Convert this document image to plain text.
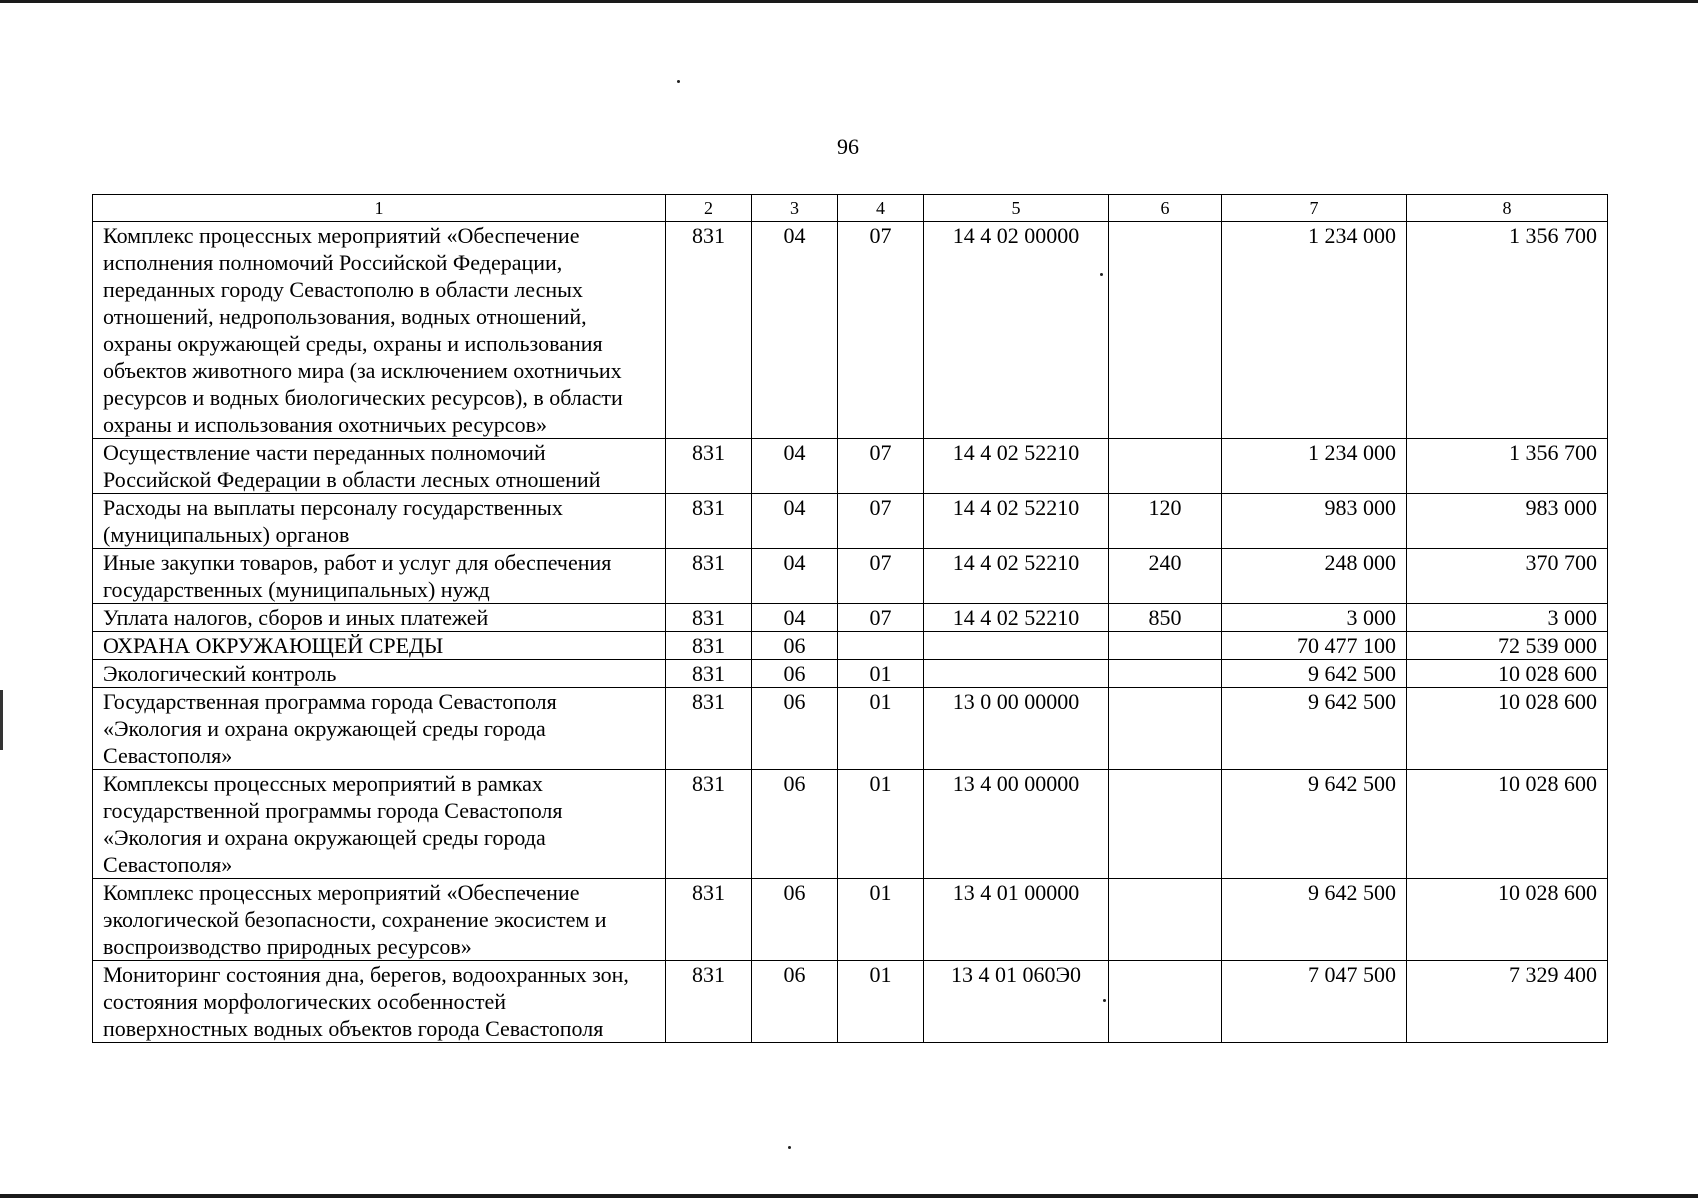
96
1	2	3	4	5	6	7	8
Комплекс процессных мероприятий «Обеспечение исполнения полномочий Российской Федерации, переданных городу Севастополю в области лесных отношений, недропользования, водных отношений, охраны окружающей среды, охраны и использования объектов животного мира (за исключением охотничьих ресурсов и водных биологических ресурсов), в области охраны и использования охотничьих ресурсов»	831	04	07	14 4 02 00000		1 234 000	1 356 700
Осуществление части переданных полномочий Российской Федерации в области лесных отношений	831	04	07	14 4 02 52210		1 234 000	1 356 700
Расходы на выплаты персоналу государственных (муниципальных) органов	831	04	07	14 4 02 52210	120	983 000	983 000
Иные закупки товаров, работ и услуг для обеспечения государственных (муниципальных) нужд	831	04	07	14 4 02 52210	240	248 000	370 700
Уплата налогов, сборов и иных платежей	831	04	07	14 4 02 52210	850	3 000	3 000
ОХРАНА ОКРУЖАЮЩЕЙ СРЕДЫ	831	06				70 477 100	72 539 000
Экологический контроль	831	06	01			9 642 500	10 028 600
Государственная программа города Севастополя «Экология и охрана окружающей среды города Севастополя»	831	06	01	13 0 00 00000		9 642 500	10 028 600
Комплексы процессных мероприятий в рамках государственной программы города Севастополя «Экология и охрана окружающей среды города Севастополя»	831	06	01	13 4 00 00000		9 642 500	10 028 600
Комплекс процессных мероприятий «Обеспечение экологической безопасности, сохранение экосистем и воспроизводство природных ресурсов»	831	06	01	13 4 01 00000		9 642 500	10 028 600
Мониторинг состояния дна, берегов, водоохранных зон, состояния морфологических особенностей поверхностных водных объектов города Севастополя	831	06	01	13 4 01 060Э0		7 047 500	7 329 400
